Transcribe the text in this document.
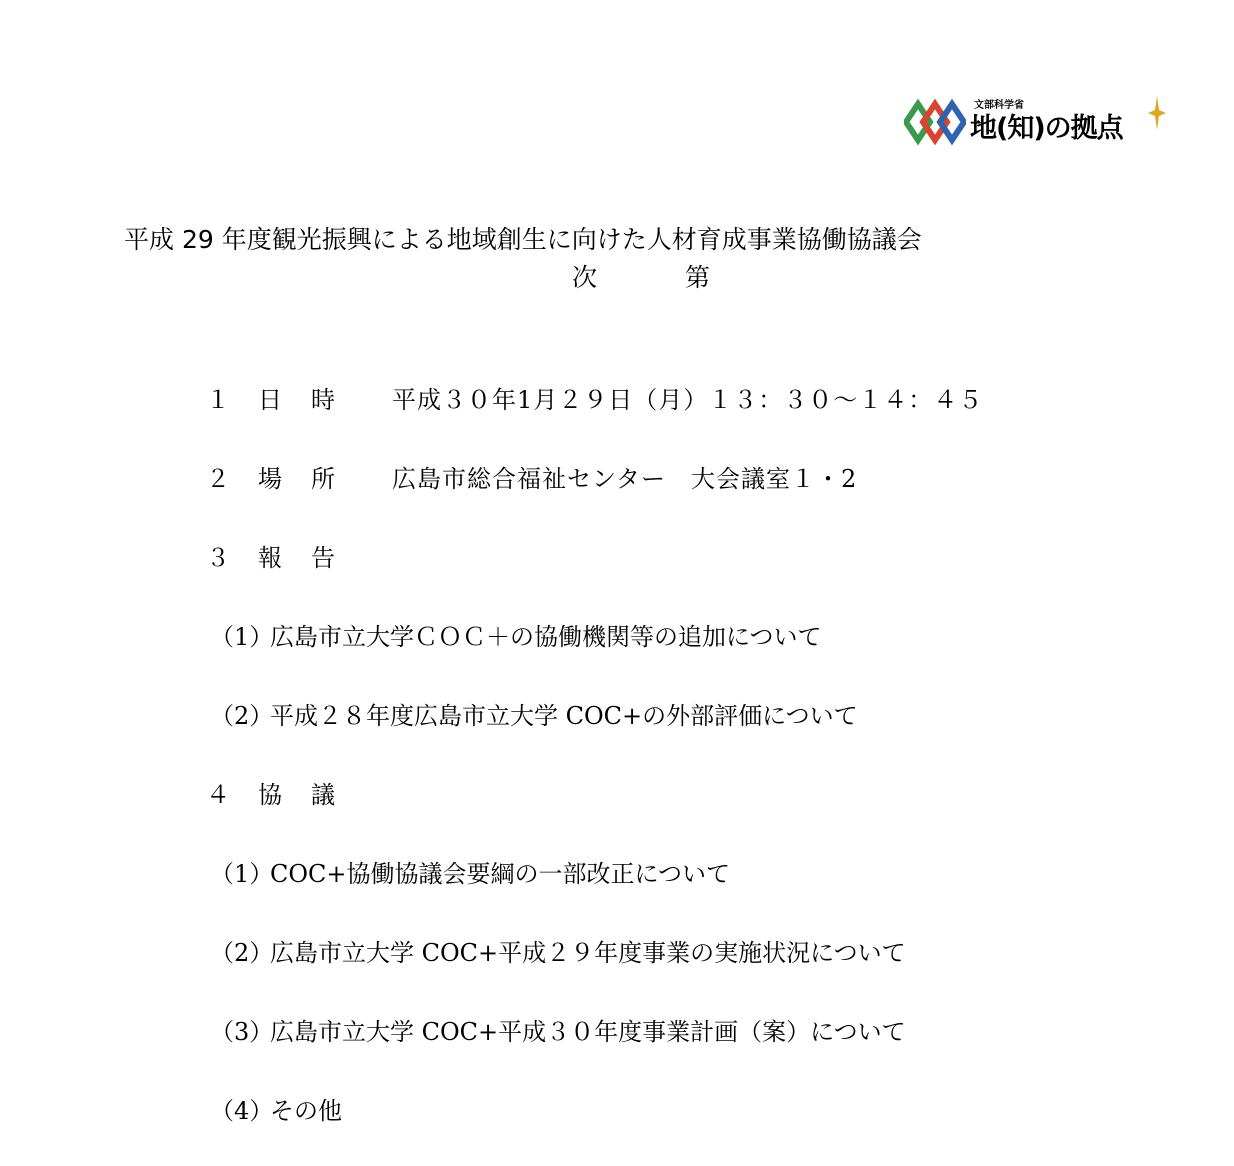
文部科学省
地(知)の拠点
平成 29 年度観光振興による地域創生に向けた人材育成事業協働協議会
次	第
１ 日 時 平成３０年1月２９日（月）１３：３０～１４：４５
２ 場 所 広島市総合福祉センター　大会議室１・2
３ 報 告
（1）
広島市立大学ＣＯＣ＋の協働機関等の追加について
（2）
平成２８年度広島市立大学 COC+の外部評価について
４ 協 議
（1）
COC+協働協議会要綱の一部改正について
（2）
広島市立大学 COC+平成２９年度事業の実施状況について
（3）
広島市立大学 COC+平成３０年度事業計画（案）について
（4）
その他
